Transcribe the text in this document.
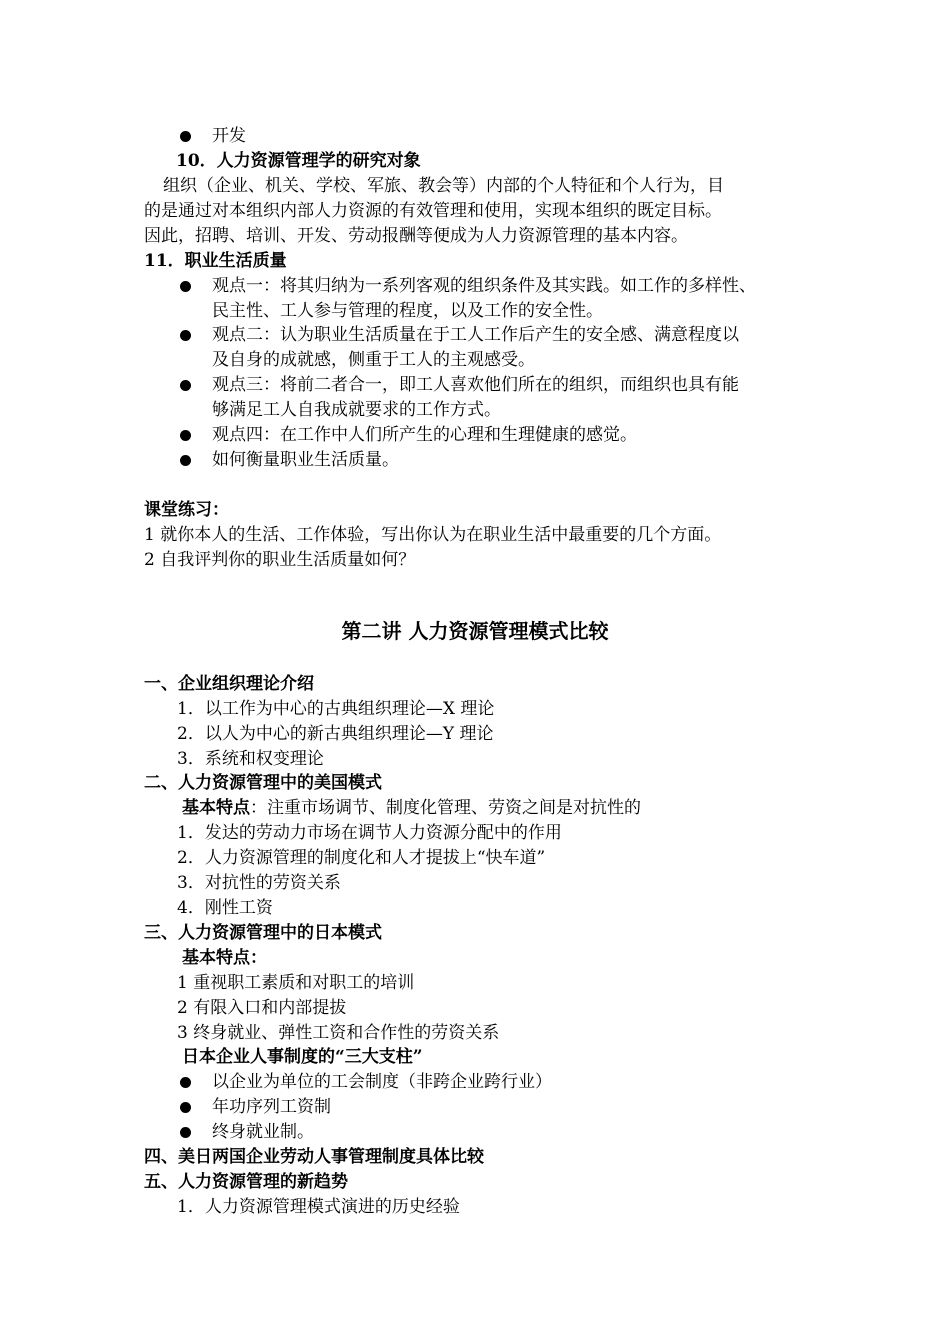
开发
10．人力资源管理学的研究对象
组织（企业、机关、学校、军旅、教会等）内部的个人特征和个人行为，目
的是通过对本组织内部人力资源的有效管理和使用，实现本组织的既定目标。
因此，招聘、培训、开发、劳动报酬等便成为人力资源管理的基本内容。
11．职业生活质量
观点一：将其归纳为一系列客观的组织条件及其实践。如工作的多样性、
民主性、工人参与管理的程度，以及工作的安全性。
观点二：认为职业生活质量在于工人工作后产生的安全感、满意程度以
及自身的成就感，侧重于工人的主观感受。
观点三：将前二者合一，即工人喜欢他们所在的组织，而组织也具有能
够满足工人自我成就要求的工作方式。
观点四：在工作中人们所产生的心理和生理健康的感觉。
如何衡量职业生活质量。
课堂练习：
1 就你本人的生活、工作体验，写出你认为在职业生活中最重要的几个方面。
2 自我评判你的职业生活质量如何？
第二讲 人力资源管理模式比较
一、企业组织理论介绍
1．以工作为中心的古典组织理论—X 理论
2．以人为中心的新古典组织理论—Y 理论
3．系统和权变理论
二、人力资源管理中的美国模式
基本特点：注重市场调节、制度化管理、劳资之间是对抗性的
1．发达的劳动力市场在调节人力资源分配中的作用
2．人力资源管理的制度化和人才提拔上“快车道”
3．对抗性的劳资关系
4．刚性工资
三、人力资源管理中的日本模式
基本特点：
1 重视职工素质和对职工的培训
2 有限入口和内部提拔
3 终身就业、弹性工资和合作性的劳资关系
日本企业人事制度的“三大支柱”
以企业为单位的工会制度（非跨企业跨行业）
年功序列工资制
终身就业制。
四、美日两国企业劳动人事管理制度具体比较
五、人力资源管理的新趋势
1．人力资源管理模式演进的历史经验
